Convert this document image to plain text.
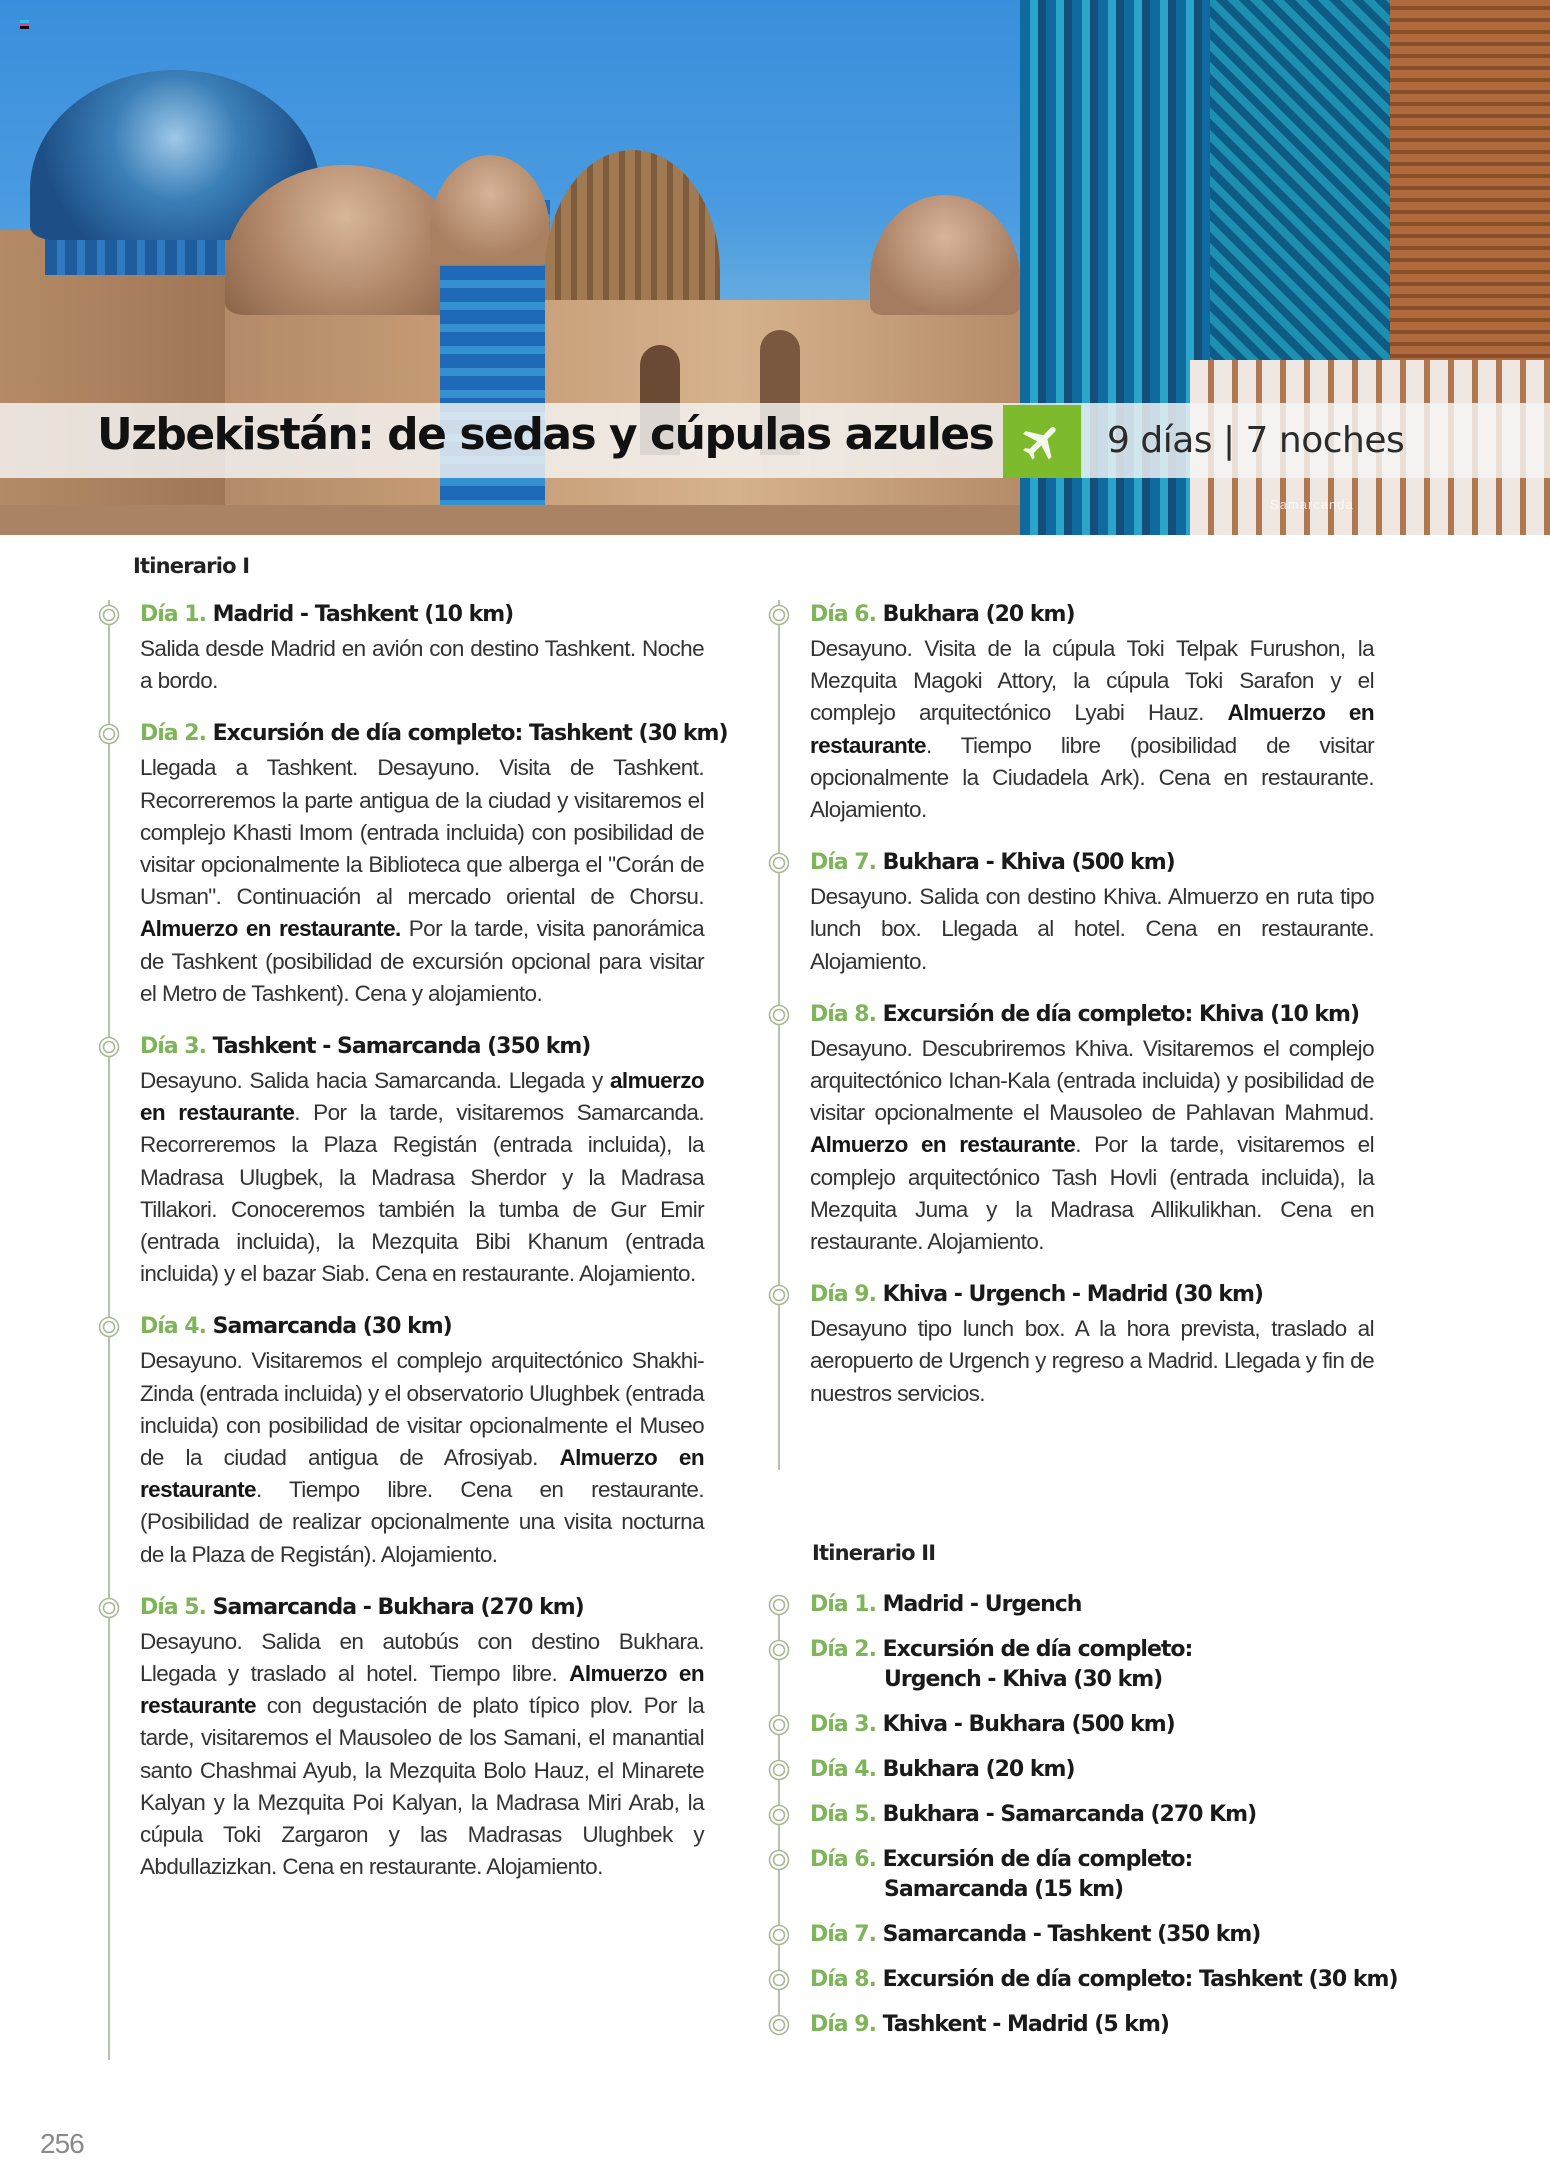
Uzbekistán: de sedas y cúpulas azules	9 días | 7 noches
Samarcanda
Itinerario I
Día 1. Madrid - Tashkent (10 km)
Salida desde Madrid en avión con destino Tashkent. Noche a bordo.
Día 2. Excursión de día completo: Tashkent (30 km)
Llegada a Tashkent. Desayuno. Visita de Tashkent. Recorreremos la parte antigua de la ciudad y visitaremos el complejo Khasti Imom (entrada incluida) con posibilidad de visitar opcionalmente la Biblioteca que alberga el "Corán de Usman". Continuación al mercado oriental de Chorsu. Almuerzo en restaurante. Por la tarde, visita panorámica de Tashkent (posibilidad de excursión opcional para visitar el Metro de Tashkent). Cena y alojamiento.
Día 3. Tashkent - Samarcanda (350 km)
Desayuno. Salida hacia Samarcanda. Llegada y almuerzo en restaurante. Por la tarde, visitaremos Samarcanda. Recorreremos la Plaza Registán (entrada incluida), la Madrasa Ulugbek, la Madrasa Sherdor y la Madrasa Tillakori. Conoceremos también la tumba de Gur Emir (entrada incluida), la Mezquita Bibi Khanum (entrada incluida) y el bazar Siab. Cena en restaurante. Alojamiento.
Día 4. Samarcanda (30 km)
Desayuno. Visitaremos el complejo arquitectónico Shakhi-Zinda (entrada incluida) y el observatorio Ulughbek (entrada incluida) con posibilidad de visitar opcionalmente el Museo de la ciudad antigua de Afrosiyab. Almuerzo en restaurante. Tiempo libre. Cena en restaurante. (Posibilidad de realizar opcionalmente una visita nocturna de la Plaza de Registán). Alojamiento.
Día 5. Samarcanda - Bukhara (270 km)
Desayuno. Salida en autobús con destino Bukhara. Llegada y traslado al hotel. Tiempo libre. Almuerzo en restaurante con degustación de plato típico plov. Por la tarde, visitaremos el Mausoleo de los Samani, el manantial santo Chashmai Ayub, la Mezquita Bolo Hauz, el Minarete Kalyan y la Mezquita Poi Kalyan, la Madrasa Miri Arab, la cúpula Toki Zargaron y las Madrasas Ulughbek y Abdullazizkan. Cena en restaurante. Alojamiento.
Día 6. Bukhara (20 km)
Desayuno. Visita de la cúpula Toki Telpak Furushon, la Mezquita Magoki Attory, la cúpula Toki Sarafon y el complejo arquitectónico Lyabi Hauz. Almuerzo en restaurante. Tiempo libre (posibilidad de visitar opcionalmente la Ciudadela Ark). Cena en restaurante. Alojamiento.
Día 7. Bukhara - Khiva (500 km)
Desayuno. Salida con destino Khiva. Almuerzo en ruta tipo lunch box. Llegada al hotel. Cena en restaurante. Alojamiento.
Día 8. Excursión de día completo: Khiva (10 km)
Desayuno. Descubriremos Khiva. Visitaremos el complejo arquitectónico Ichan-Kala (entrada incluida) y posibilidad de visitar opcionalmente el Mausoleo de Pahlavan Mahmud. Almuerzo en restaurante. Por la tarde, visitaremos el complejo arquitectónico Tash Hovli (entrada incluida), la Mezquita Juma y la Madrasa Allikulikhan. Cena en restaurante. Alojamiento.
Día 9. Khiva - Urgench - Madrid (30 km)
Desayuno tipo lunch box. A la hora prevista, traslado al aeropuerto de Urgench y regreso a Madrid. Llegada y fin de nuestros servicios.
Itinerario II
Día 1. Madrid - Urgench
Día 2. Excursión de día completo:
Urgench - Khiva (30 km)
Día 3. Khiva - Bukhara (500 km)
Día 4. Bukhara (20 km)
Día 5. Bukhara - Samarcanda (270 Km)
Día 6. Excursión de día completo:
Samarcanda (15 km)
Día 7. Samarcanda - Tashkent (350 km)
Día 8. Excursión de día completo: Tashkent (30 km)
Día 9. Tashkent - Madrid (5 km)
256
